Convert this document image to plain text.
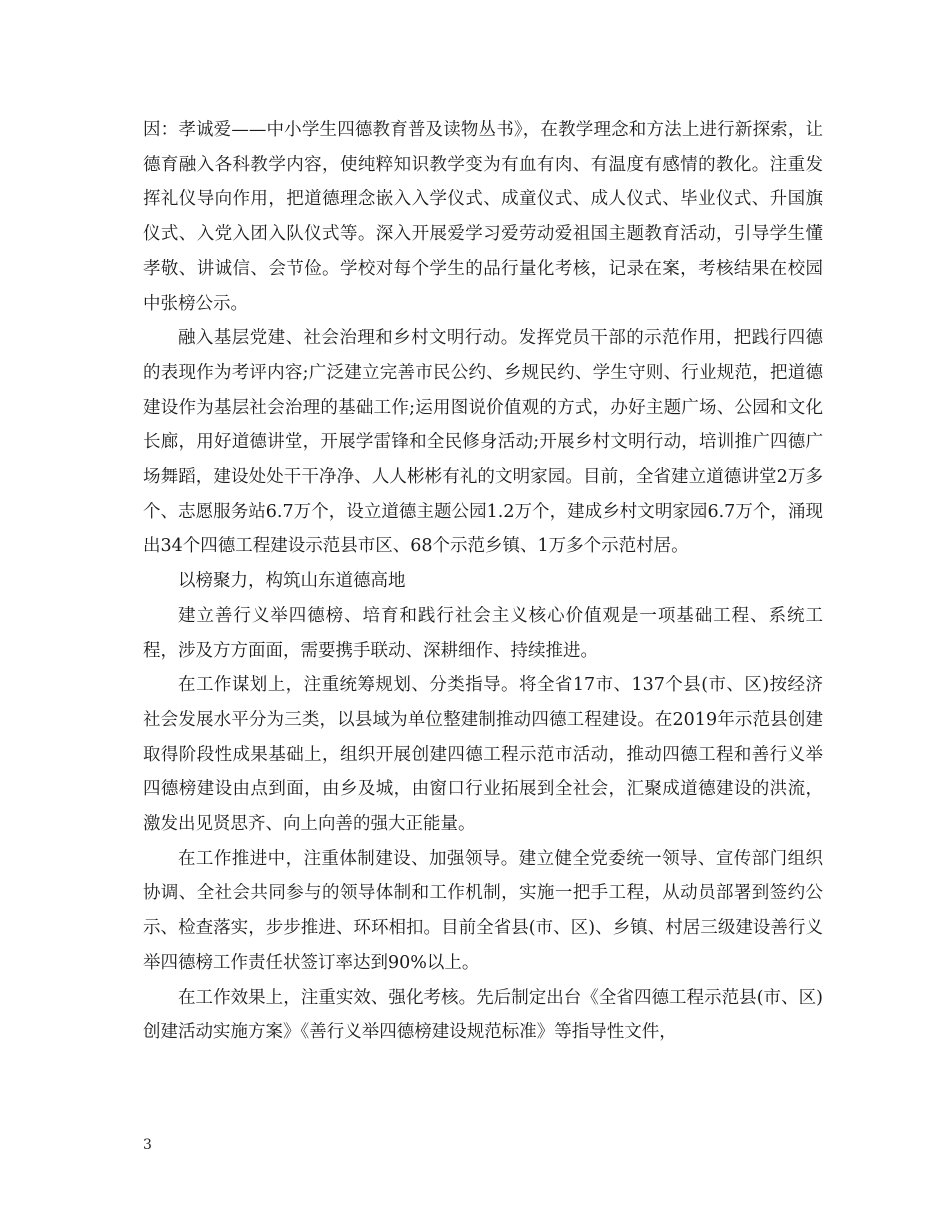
因：孝诚爱——中小学生四德教育普及读物丛书》，在教学理念和方法上进行新探索，让德育融入各科教学内容，使纯粹知识教学变为有血有肉、有温度有感情的教化。注重发挥礼仪导向作用，把道德理念嵌入入学仪式、成童仪式、成人仪式、毕业仪式、升国旗仪式、入党入团入队仪式等。深入开展爱学习爱劳动爱祖国主题教育活动，引导学生懂孝敬、讲诚信、会节俭。学校对每个学生的品行量化考核，记录在案，考核结果在校园中张榜公示。

融入基层党建、社会治理和乡村文明行动。发挥党员干部的示范作用，把践行四德的表现作为考评内容;广泛建立完善市民公约、乡规民约、学生守则、行业规范，把道德建设作为基层社会治理的基础工作;运用图说价值观的方式，办好主题广场、公园和文化长廊，用好道德讲堂，开展学雷锋和全民修身活动;开展乡村文明行动，培训推广四德广场舞蹈，建设处处干干净净、人人彬彬有礼的文明家园。目前，全省建立道德讲堂2万多个、志愿服务站6.7万个，设立道德主题公园1.2万个，建成乡村文明家园6.7万个，涌现出34个四德工程建设示范县市区、68个示范乡镇、1万多个示范村居。

以榜聚力，构筑山东道德高地

建立善行义举四德榜、培育和践行社会主义核心价值观是一项基础工程、系统工程，涉及方方面面，需要携手联动、深耕细作、持续推进。

在工作谋划上，注重统筹规划、分类指导。将全省17市、137个县(市、区)按经济社会发展水平分为三类，以县域为单位整建制推动四德工程建设。在2019年示范县创建取得阶段性成果基础上，组织开展创建四德工程示范市活动，推动四德工程和善行义举四德榜建设由点到面，由乡及城，由窗口行业拓展到全社会，汇聚成道德建设的洪流，激发出见贤思齐、向上向善的强大正能量。

在工作推进中，注重体制建设、加强领导。建立健全党委统一领导、宣传部门组织协调、全社会共同参与的领导体制和工作机制，实施一把手工程，从动员部署到签约公示、检查落实，步步推进、环环相扣。目前全省县(市、区)、乡镇、村居三级建设善行义举四德榜工作责任状签订率达到90%以上。

在工作效果上，注重实效、强化考核。先后制定出台《全省四德工程示范县(市、区)创建活动实施方案》《善行义举四德榜建设规范标准》等指导性文件，

3
